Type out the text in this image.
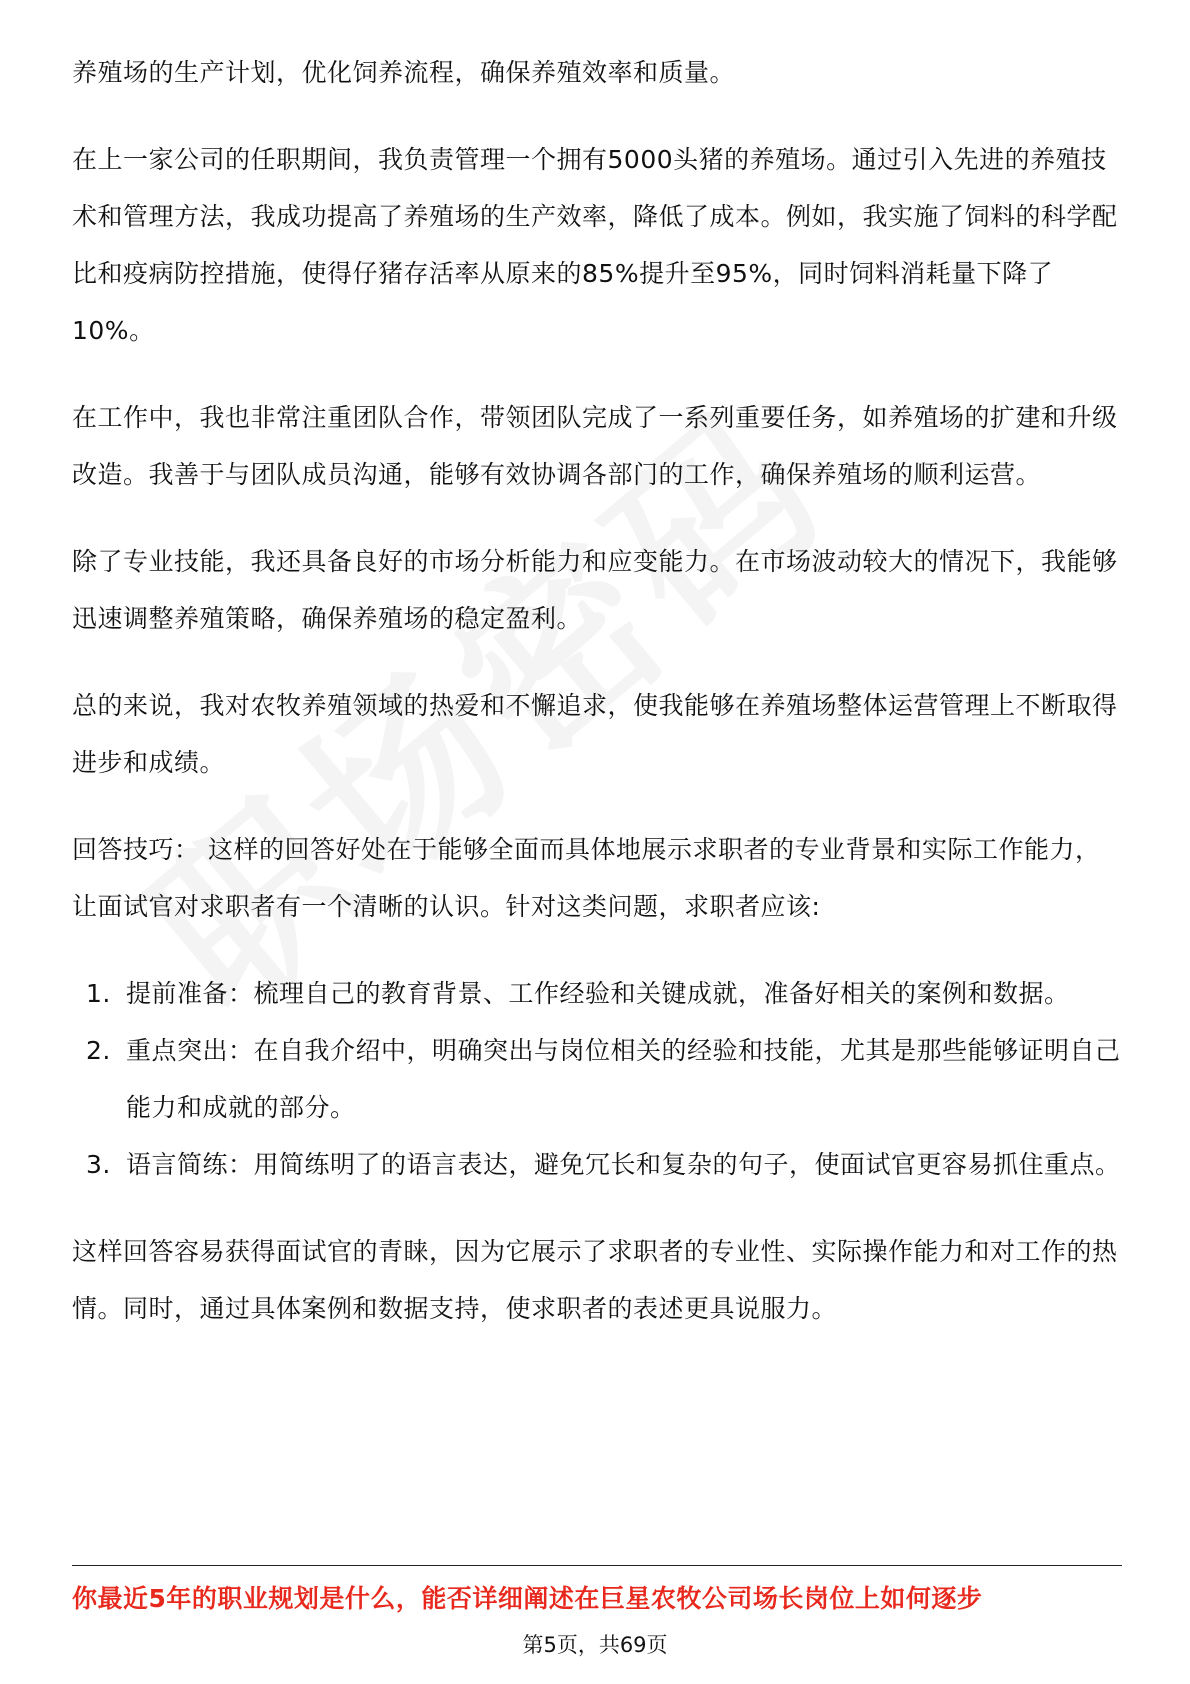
养殖场的生产计划，优化饲养流程，确保养殖效率和质量。

在上一家公司的任职期间，我负责管理一个拥有5000头猪的养殖场。通过引入先进的养殖技术和管理方法，我成功提高了养殖场的生产效率，降低了成本。例如，我实施了饲料的科学配比和疫病防控措施，使得仔猪存活率从原来的85%提升至95%，同时饲料消耗量下降了10%。

在工作中，我也非常注重团队合作，带领团队完成了一系列重要任务，如养殖场的扩建和升级改造。我善于与团队成员沟通，能够有效协调各部门的工作，确保养殖场的顺利运营。

除了专业技能，我还具备良好的市场分析能力和应变能力。在市场波动较大的情况下，我能够迅速调整养殖策略，确保养殖场的稳定盈利。

总的来说，我对农牧养殖领域的热爱和不懈追求，使我能够在养殖场整体运营管理上不断取得进步和成绩。

回答技巧： 这样的回答好处在于能够全面而具体地展示求职者的专业背景和实际工作能力，让面试官对求职者有一个清晰的认识。针对这类问题，求职者应该:

1. 提前准备：梳理自己的教育背景、工作经验和关键成就，准备好相关的案例和数据。
2. 重点突出：在自我介绍中，明确突出与岗位相关的经验和技能，尤其是那些能够证明自己能力和成就的部分。
3. 语言简练：用简练明了的语言表达，避免冗长和复杂的句子，使面试官更容易抓住重点。

这样回答容易获得面试官的青睐，因为它展示了求职者的专业性、实际操作能力和对工作的热情。同时，通过具体案例和数据支持，使求职者的表述更具说服力。

你最近5年的职业规划是什么，能否详细阐述在巨星农牧公司场长岗位上如何逐步
第5页，共69页
